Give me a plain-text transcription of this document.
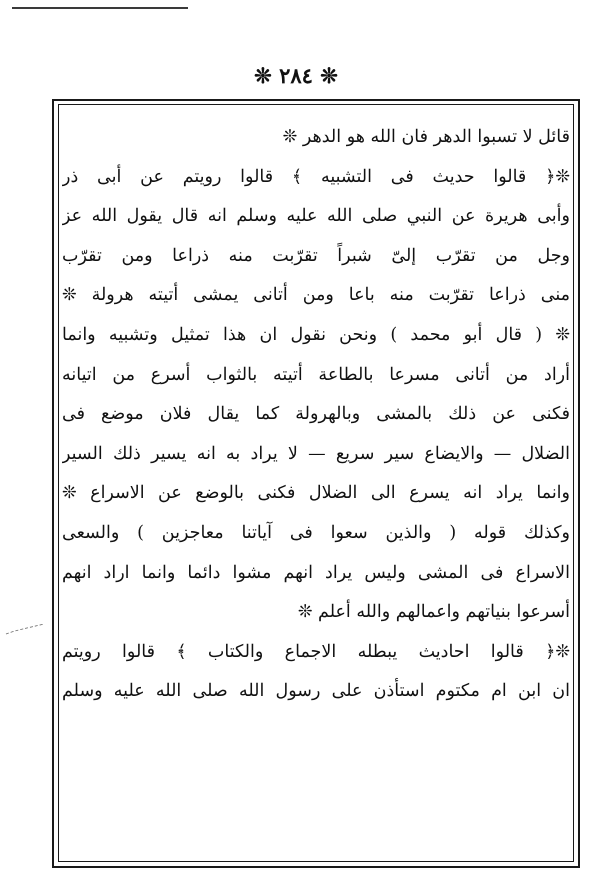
❊ ٢٨٤ ❊
قائل لا تسبوا الدهر فان الله هو الدهر ❊
❊﴿ قالوا حديث فى التشبيه ﴾ قالوا رويتم عن أبى ذر
وأبى هريرة عن النبي صلى الله عليه وسلم انه قال يقول الله عز
وجل من تقرّب إلىّ شبراً تقرّبت منه ذراعا ومن تقرّب
منى ذراعا تقرّبت منه باعا ومن أتانى يمشى أتيته هرولة ❊
❊ ( قال أبو محمد ) ونحن نقول ان هذا تمثيل وتشبيه وانما
أراد من أتانى مسرعا بالطاعة أتيته بالثواب أسرع من اتيانه
فكنى عن ذلك بالمشى وبالهرولة كما يقال فلان موضع فى
الضلال — والايضاع سير سريع — لا يراد به انه يسير ذلك السير
وانما يراد انه يسرع الى الضلال فكنى بالوضع عن الاسراع ❊
وكذلك قوله ( والذين سعوا فى آياتنا معاجزين ) والسعى
الاسراع فى المشى وليس يراد انهم مشوا دائما وانما اراد انهم
أسرعوا بنياتهم واعمالهم والله أعلم ❊
❊﴿ قالوا احاديث يبطله الاجماع والكتاب ﴾ قالوا رويتم
ان ابن ام مكتوم استأذن على رسول الله صلى الله عليه وسلم
